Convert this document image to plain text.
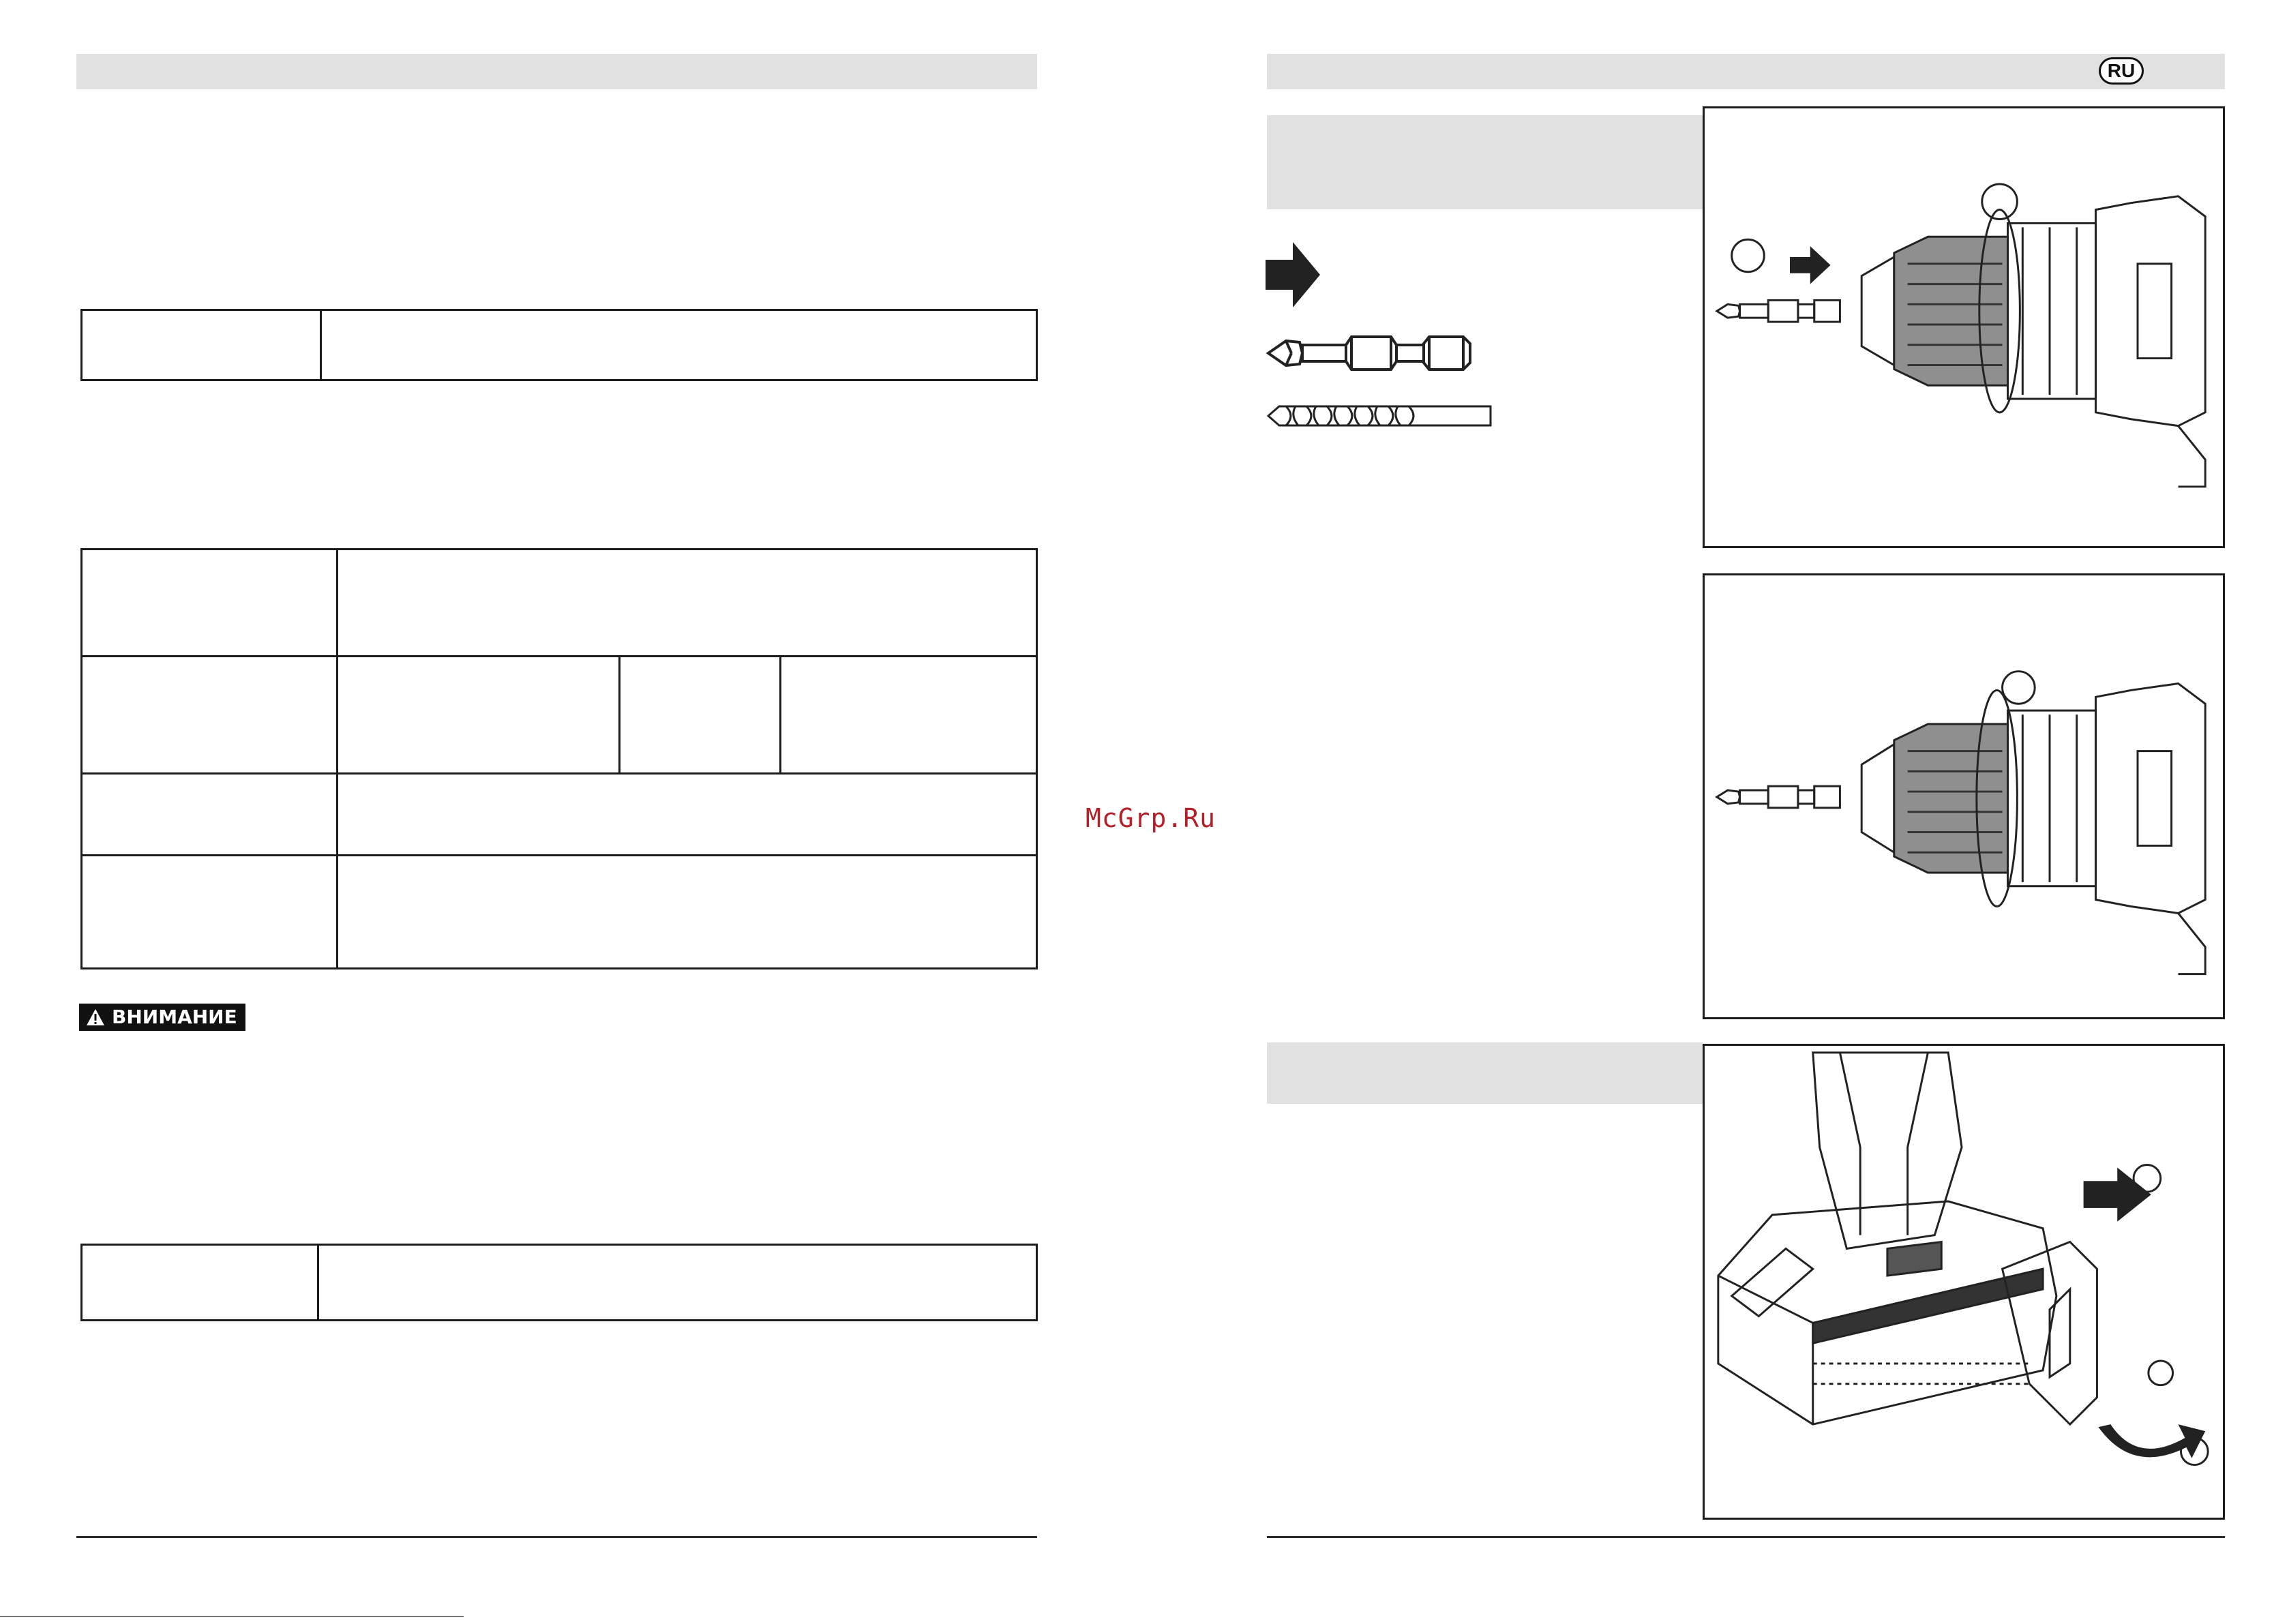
ВНИМАНИЕ
McGrp.Ru
RU
